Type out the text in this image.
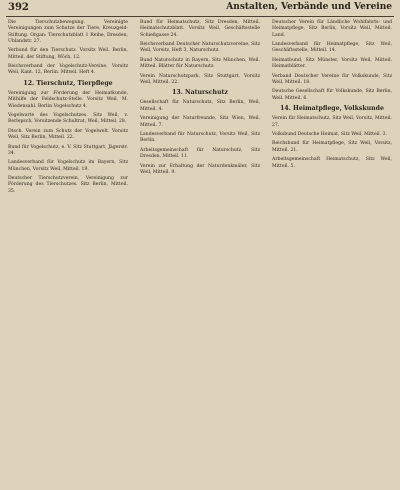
392	Anstalten, Verbände und Vereine
Die Tierschutzbewegung. Vereinigte Vereinigungen zum Schutze der Tiere, Kreuzgeld-Stiftung. Organ: Tierschutzblatt 1 Reihe, Dresden, Uhlandstr. 27.
Verbund für den Tierschutz. Vorsitz Weil. Berlin, Mitteil. der Stiftung, Wöch. 12.
Reichsverband der Vogelschutz-Vereine. Vorsitz Weil, Kant. 12, Berlin. Mitteil. Heft 4.
12. Tierschutz, Tierpflege
Vereinigung zur Förderung der Heimatkunde, Mithilfe der Feldschutz-Stelle. Vorsitz Weil, M. Wiedensahl. Berlin Vogelschutz 4.
Vogelwarte des Vogelschutzes. Sitz Weil, v. Berlepsch, Vorsitzende Schultrat, Weil, Mitteil. 28.
Dtsch. Verein zum Schutz der Vogelwelt. Vorsitz Weil, Sitz Berlin, Mitteil. 22.
Bund für Vogelschutz, e. V. Sitz Stuttgart, Jägerstr. 34.
Landesverband für Vogelschutz im Bayern, Sitz München, Vorsitz Weil, Mitteil. 19.
Deutscher Tierschutzverein, Vereinigung zur Förderung des Tierschutzes. Sitz Berlin, Mitteil. 35.
Bund für Heimatschutz, Sitz Dresden, Mitteil. Heimatschutzblatt. Vorsitz Weil, Geschäftsstelle Schießgasse 24.
Reichsverband Deutscher Naturschutzvereine, Sitz Weil, Vorsitz, Heft 3, Naturschutz.
Bund Naturschutz in Bayern, Sitz München, Weil. Mitteil. Blätter für Naturschutz.
Verein Naturschutzpark, Sitz Stuttgart, Vorsitz Weil, Mitteil. 22.
13. Naturschutz
Gesellschaft für Naturschutz, Sitz Berlin, Weil, Mitteil. 4.
Vereinigung der Naturfreunde, Sitz Wien, Weil. Mitteil. 7.
Landesverband für Naturschutz, Vorsitz Weil, Sitz Berlin.
Arbeitsgemeinschaft für Naturschutz, Sitz Dresden, Mitteil. 11.
Verein zur Erhaltung der Naturdenkmäler, Sitz Weil, Mitteil. 9.
Deutscher Verein für Ländliche Wohlfahrts- und Heimatpflege, Sitz Berlin, Vorsitz Weil, Mitteil. Land.
Landesverband für Heimatpflege, Sitz Weil, Geschäftsstelle, Mitteil. 14.
Heimatbund, Sitz Münster, Vorsitz Weil, Mitteil. Heimatblätter.
Verband Deutscher Vereine für Volkskunde, Sitz Weil, Mitteil. 18.
Deutsche Gesellschaft für Volkskunde, Sitz Berlin, Weil. Mitteil. 6.
14. Heimatpflege, Volkskunde
Verein für Heimatschutz, Sitz Weil, Vorsitz, Mitteil. 27.
Volksbund Deutsche Heimat, Sitz Weil, Mitteil. 3.
Reichsbund für Heimatpflege, Sitz Weil, Vorsitz, Mitteil. 21.
Arbeitsgemeinschaft Heimatschutz, Sitz Weil, Mitteil. 5.
